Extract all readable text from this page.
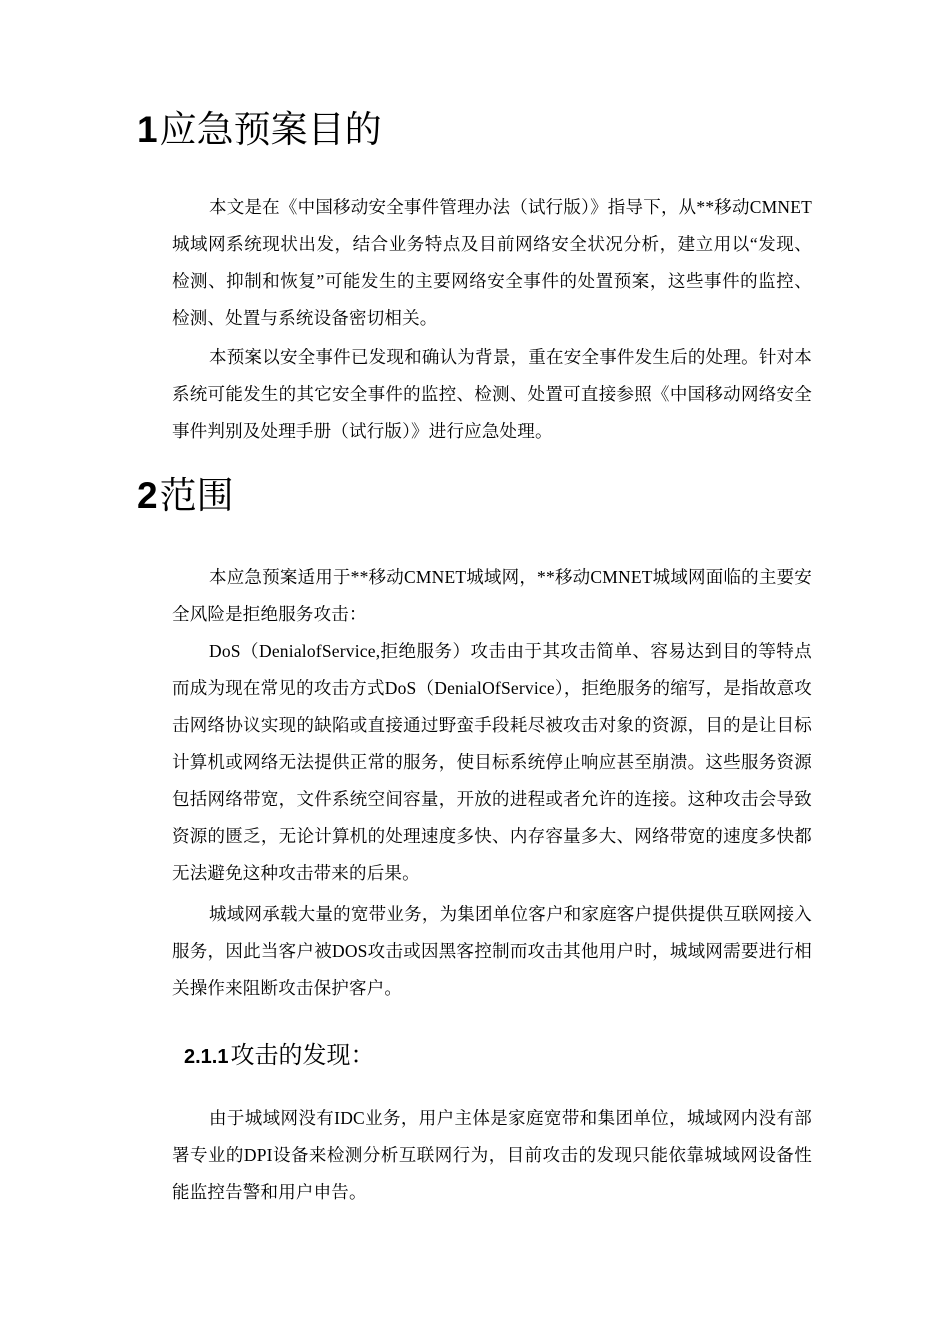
1应急预案目的

本文是在《中国移动安全事件管理办法（试行版）》指导下，从**移动CMNET城域网系统现状出发，结合业务特点及目前网络安全状况分析，建立用以“发现、检测、抑制和恢复”可能发生的主要网络安全事件的处置预案，这些事件的监控、检测、处置与系统设备密切相关。

本预案以安全事件已发现和确认为背景，重在安全事件发生后的处理。针对本系统可能发生的其它安全事件的监控、检测、处置可直接参照《中国移动网络安全事件判别及处理手册（试行版）》进行应急处理。

2范围

本应急预案适用于**移动CMNET城域网，**移动CMNET城域网面临的主要安全风险是拒绝服务攻击：

DoS（DenialofService,拒绝服务）攻击由于其攻击简单、容易达到目的等特点而成为现在常见的攻击方式DoS（DenialOfService），拒绝服务的缩写，是指故意攻击网络协议实现的缺陷或直接通过野蛮手段耗尽被攻击对象的资源，目的是让目标计算机或网络无法提供正常的服务，使目标系统停止响应甚至崩溃。这些服务资源包括网络带宽，文件系统空间容量，开放的进程或者允许的连接。这种攻击会导致资源的匮乏，无论计算机的处理速度多快、内存容量多大、网络带宽的速度多快都无法避免这种攻击带来的后果。

城域网承载大量的宽带业务，为集团单位客户和家庭客户提供提供互联网接入服务，因此当客户被DOS攻击或因黑客控制而攻击其他用户时，城域网需要进行相关操作来阻断攻击保护客户。

2.1.1攻击的发现：

由于城域网没有IDC业务，用户主体是家庭宽带和集团单位，城域网内没有部署专业的DPI设备来检测分析互联网行为，目前攻击的发现只能依靠城域网设备性能监控告警和用户申告。
